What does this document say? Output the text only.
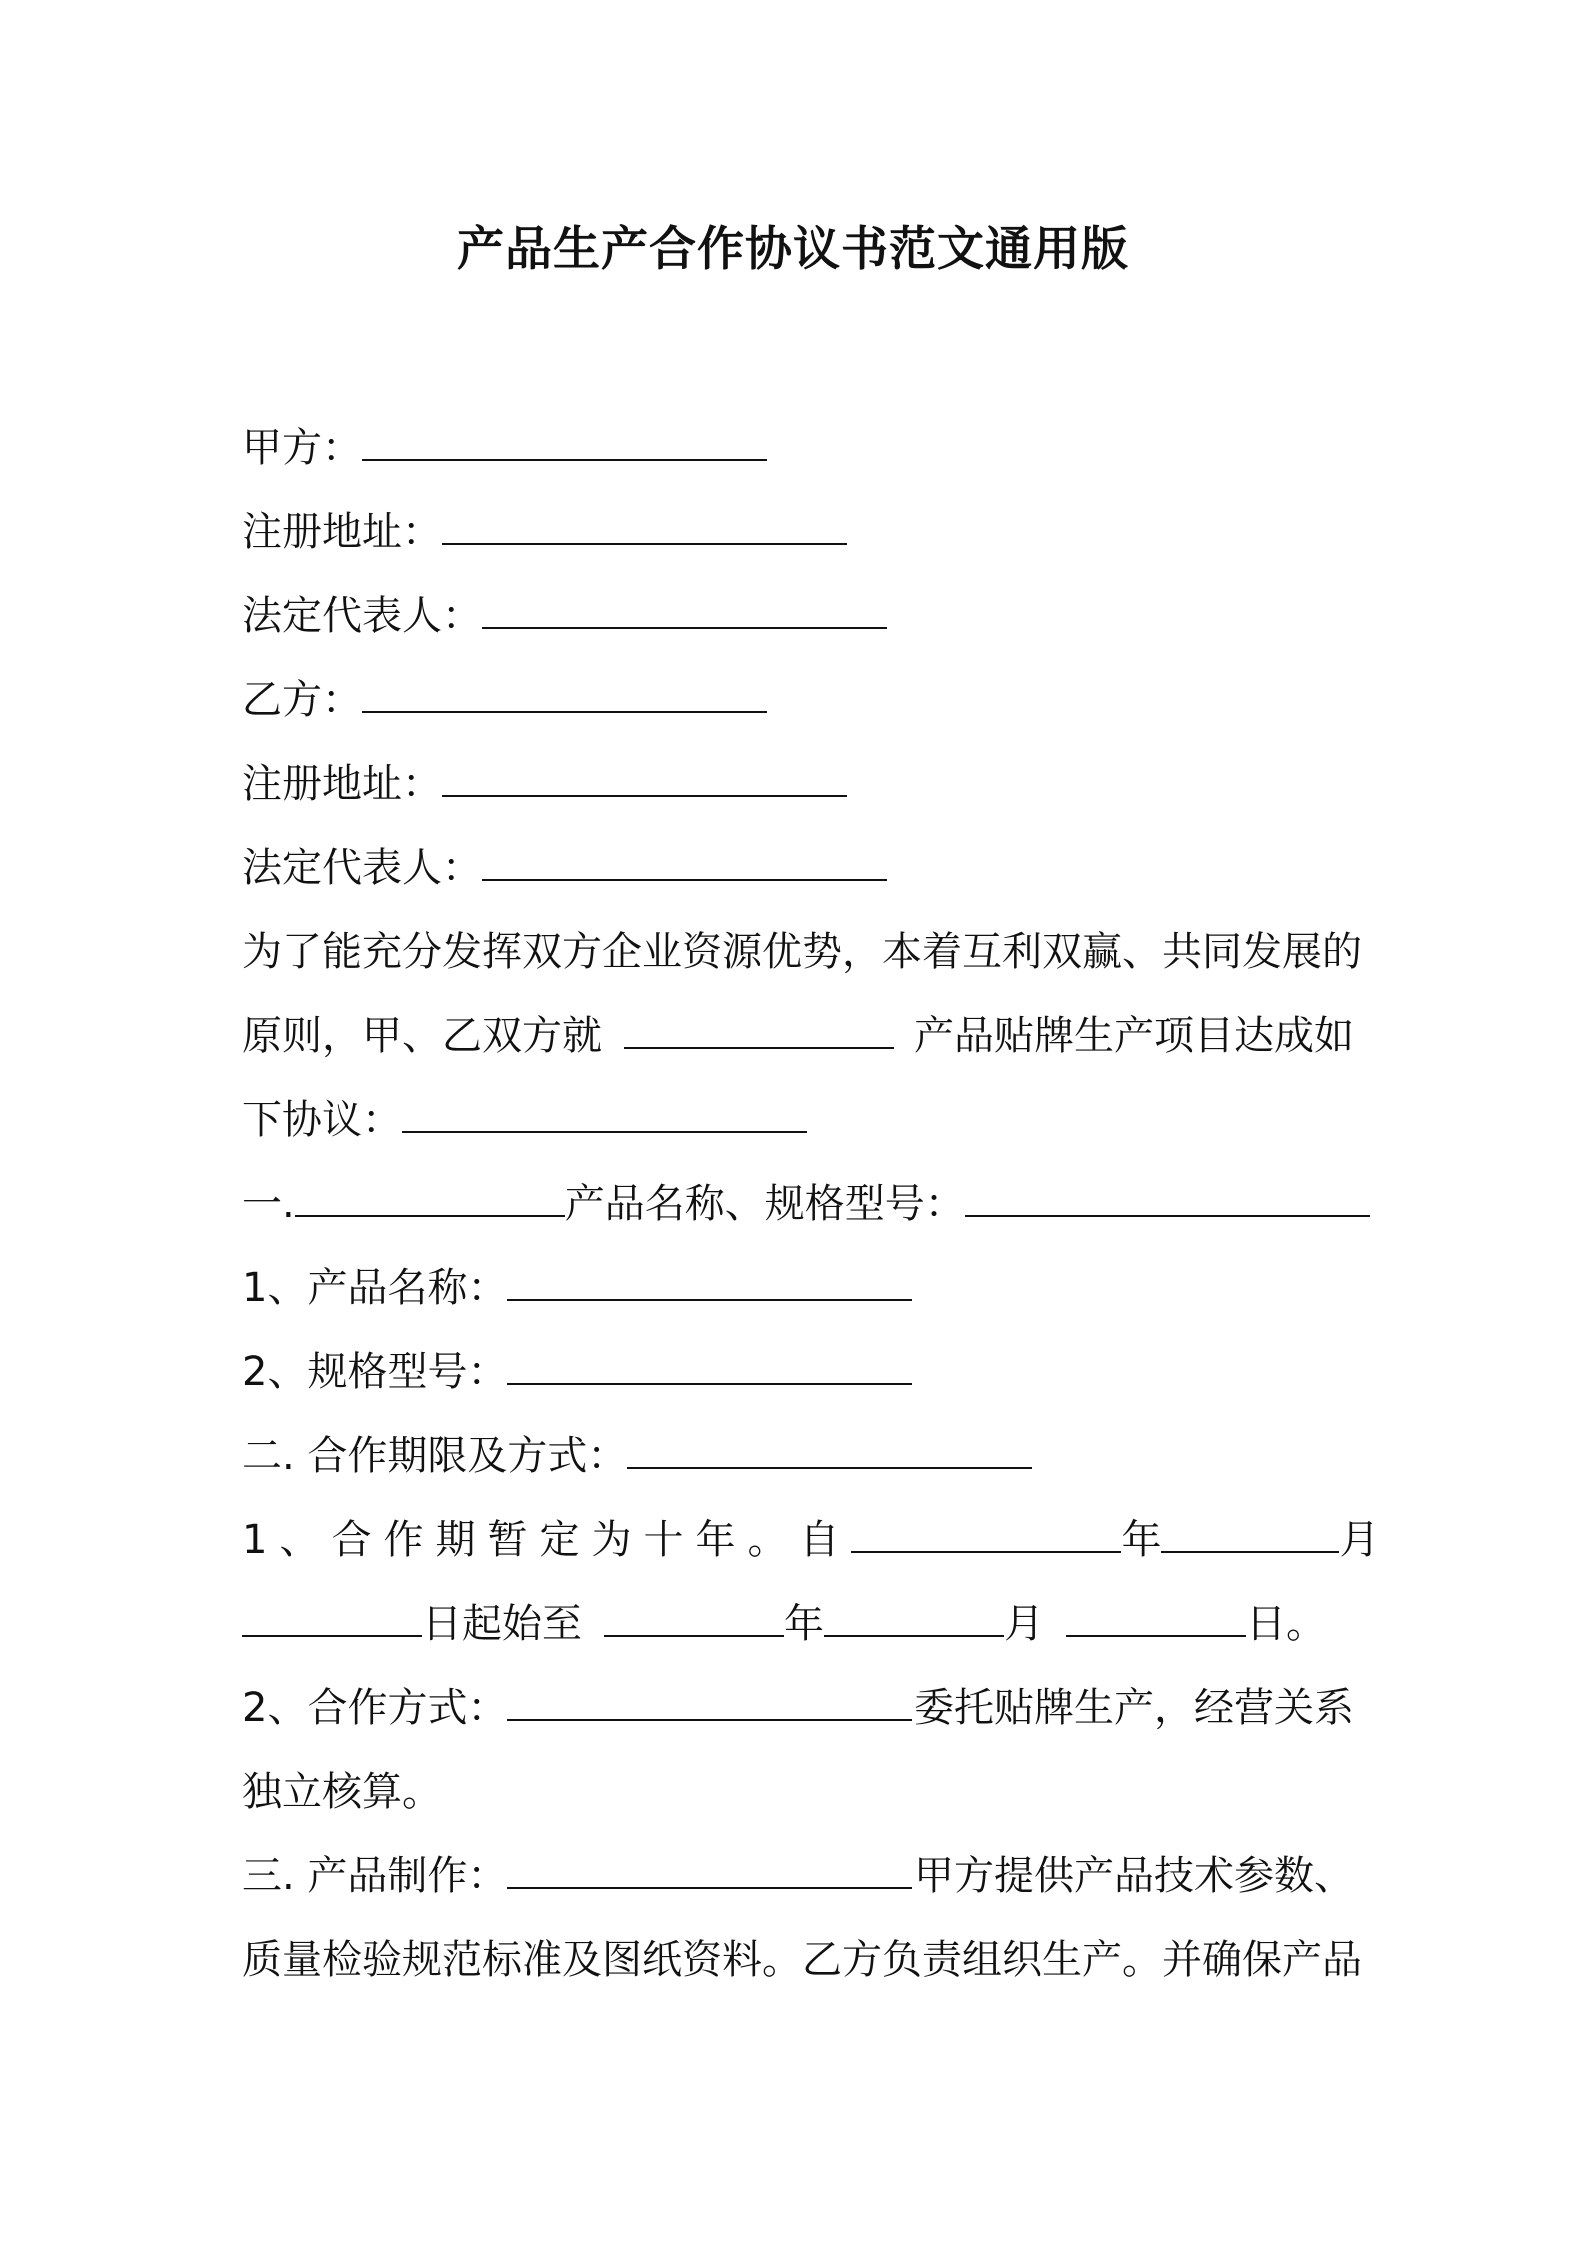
产品生产合作协议书范文通用版
甲方：
注册地址：
法定代表人：
乙方：
注册地址：
法定代表人：
为了能充分发挥双方企业资源优势，本着互利双赢、共同发展的
原则，甲、乙双方就	产品贴牌生产项目达成如
下协议：
一.	产品名称、规格型号：
1、产品名称：
2、规格型号：
二. 合作期限及方式：
1、合作期暂定为十年。自	年	月
日起始至	年	月	日。
2、合作方式：	委托贴牌生产，经营关系
独立核算。
三. 产品制作：	甲方提供产品技术参数、
质量检验规范标准及图纸资料。乙方负责组织生产。并确保产品
